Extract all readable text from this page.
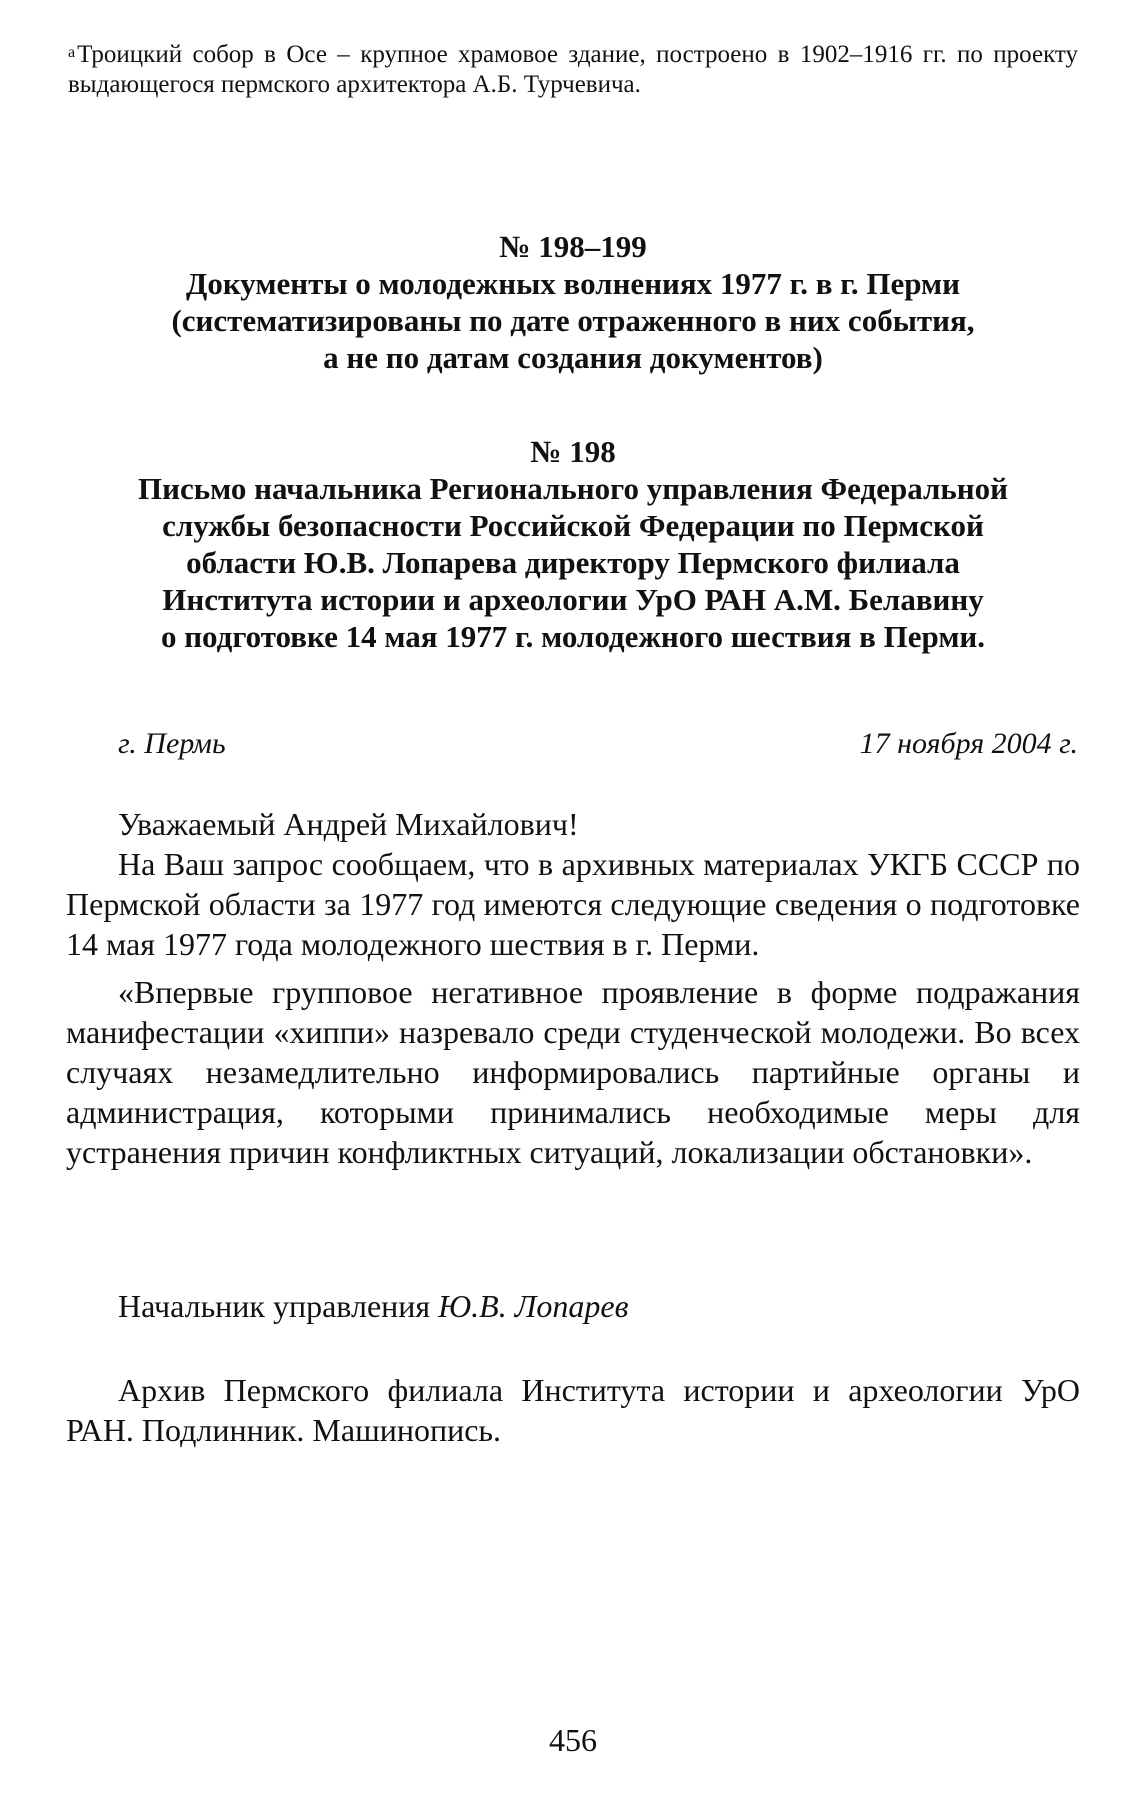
$^а$Троицкий собор в Осе – крупное храмовое здание, построено в 1902–1916 гг. по проекту выдающегося пермского архитектора А.Б. Турчевича.
№ 198–199
Документы о молодежных волнениях 1977 г. в г. Перми
(систематизированы по дате отраженного в них события,
а не по датам создания документов)
№ 198
Письмо начальника Регионального управления Федеральной
службы безопасности Российской Федерации по Пермской
области Ю.В. Лопарева директору Пермского филиала
Института истории и археологии УрО РАН А.М. Белавину
о подготовке 14 мая 1977 г. молодежного шествия в Перми.
г. Пермь	17 ноября 2004 г.

Уважаемый Андрей Михайлович!

На Ваш запрос сообщаем, что в архивных материалах УКГБ СССР по Пермской области за 1977 год имеются следующие сведения о подготовке 14 мая 1977 года молодежного шествия в г. Перми.

«Впервые групповое негативное проявление в форме подражания манифестации «хиппи» назревало среди студенческой молодежи. Во всех случаях незамедлительно информировались партийные органы и администрация, которыми принимались необходимые меры для устранения причин конфликтных ситуаций, локализации обстановки».

Начальник управления Ю.В. Лопарев
Архив Пермского филиала Института истории и археологии УрО РАН. Подлинник. Машинопись.
456
